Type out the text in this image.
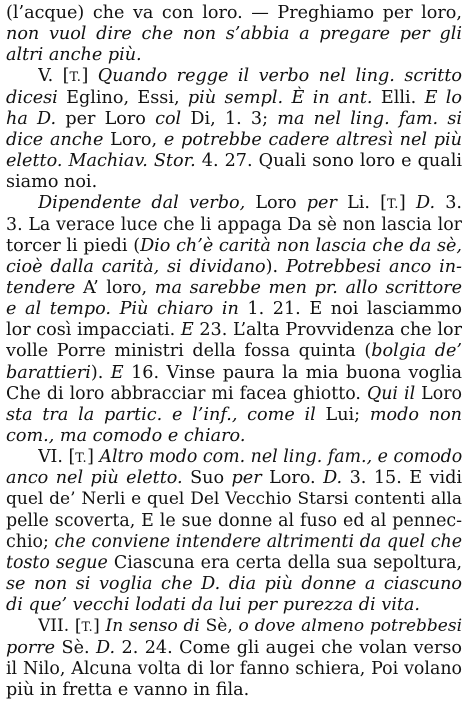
(l’acque) che va con loro. — Preghiamo per loro,
non vuol dire che non s’abbia a pregare per gli
altri anche più.
V. [T.] Quando regge il verbo nel ling. scritto
dicesi Eglino, Essi, più sempl. È in ant. Elli. E lo
ha D. per Loro col Di, 1. 3; ma nel ling. fam. si
dice anche Loro, e potrebbe cadere altresì nel più
eletto. Machiav. Stor. 4. 27. Quali sono loro e quali
siamo noi.
Dipendente dal verbo, Loro per Li. [T.] D. 3.
3. La verace luce che li appaga Da sè non lascia lor
torcer li piedi (Dio ch’è carità non lascia che da sè,
cioè dalla carità, si dividano). Potrebbesi anco in-
tendere A’ loro, ma sarebbe men pr. allo scrittore
e al tempo. Più chiaro in 1. 21. E noi lasciammo
lor così impacciati. E 23. L’alta Provvidenza che lor
volle Porre ministri della fossa quinta (bolgia de’
barattieri). E 16. Vinse paura la mia buona voglia
Che di loro abbracciar mi facea ghiotto. Qui il Loro
sta tra la partic. e l’inf., come il Lui; modo non
com., ma comodo e chiaro.
VI. [T.] Altro modo com. nel ling. fam., e comodo
anco nel più eletto. Suo per Loro. D. 3. 15. E vidi
quel de’ Nerli e quel Del Vecchio Starsi contenti alla
pelle scoverta, E le sue donne al fuso ed al pennec-
chio; che conviene intendere altrimenti da quel che
tosto segue Ciascuna era certa della sua sepoltura,
se non si voglia che D. dia più donne a ciascuno
di que’ vecchi lodati da lui per purezza di vita.
VII. [T.] In senso di Sè, o dove almeno potrebbesi
porre Sè. D. 2. 24. Come gli augei che volan verso
il Nilo, Alcuna volta di lor fanno schiera, Poi volano
più in fretta e vanno in fila.
